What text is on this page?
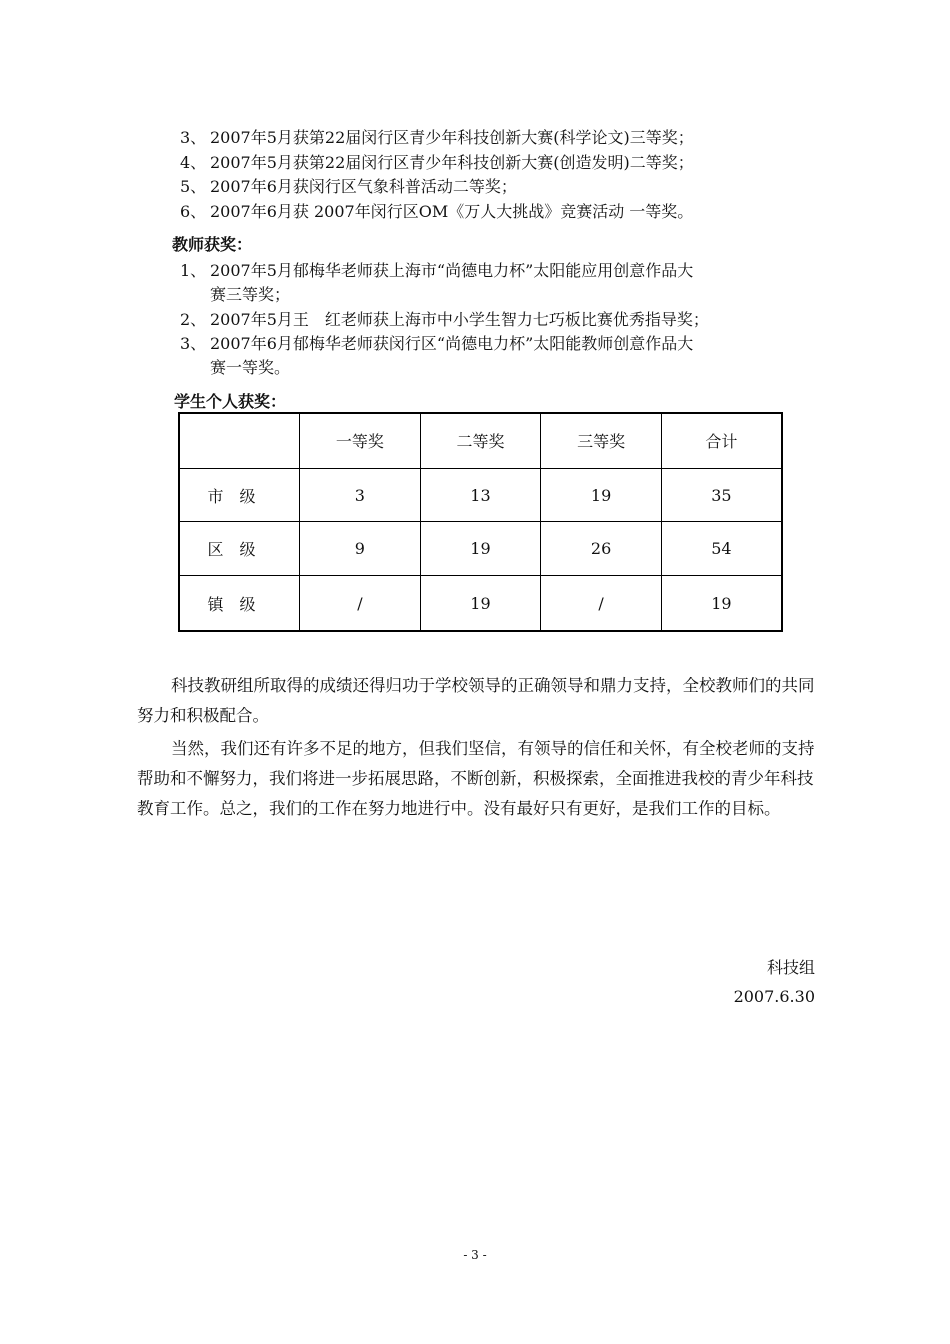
3、 2007年5月获第22届闵行区青少年科技创新大赛(科学论文)三等奖；
4、 2007年5月获第22届闵行区青少年科技创新大赛(创造发明)二等奖；
5、 2007年6月获闵行区气象科普活动二等奖；
6、 2007年6月获 2007年闵行区OM《万人大挑战》竞赛活动 一等奖。
教师获奖：
1、 2007年5月郁梅华老师获上海市“尚德电力杯”太阳能应用创意作品大
赛三等奖；
2、 2007年5月王　红老师获上海市中小学生智力七巧板比赛优秀指导奖；
3、 2007年6月郁梅华老师获闵行区“尚德电力杯”太阳能教师创意作品大
赛一等奖。
学生个人获奖：
	一等奖	二等奖	三等奖	合计
市级	3	13	19	35
区级	9	19	26	54
镇级	/	19	/	19
科技教研组所取得的成绩还得归功于学校领导的正确领导和鼎力支持，全校教师们的共同努力和积极配合。
当然，我们还有许多不足的地方，但我们坚信，有领导的信任和关怀，有全校老师的支持帮助和不懈努力，我们将进一步拓展思路，不断创新，积极探索，全面推进我校的青少年科技教育工作。总之，我们的工作在努力地进行中。没有最好只有更好，是我们工作的目标。
科技组
2007.6.30
- 3 -
